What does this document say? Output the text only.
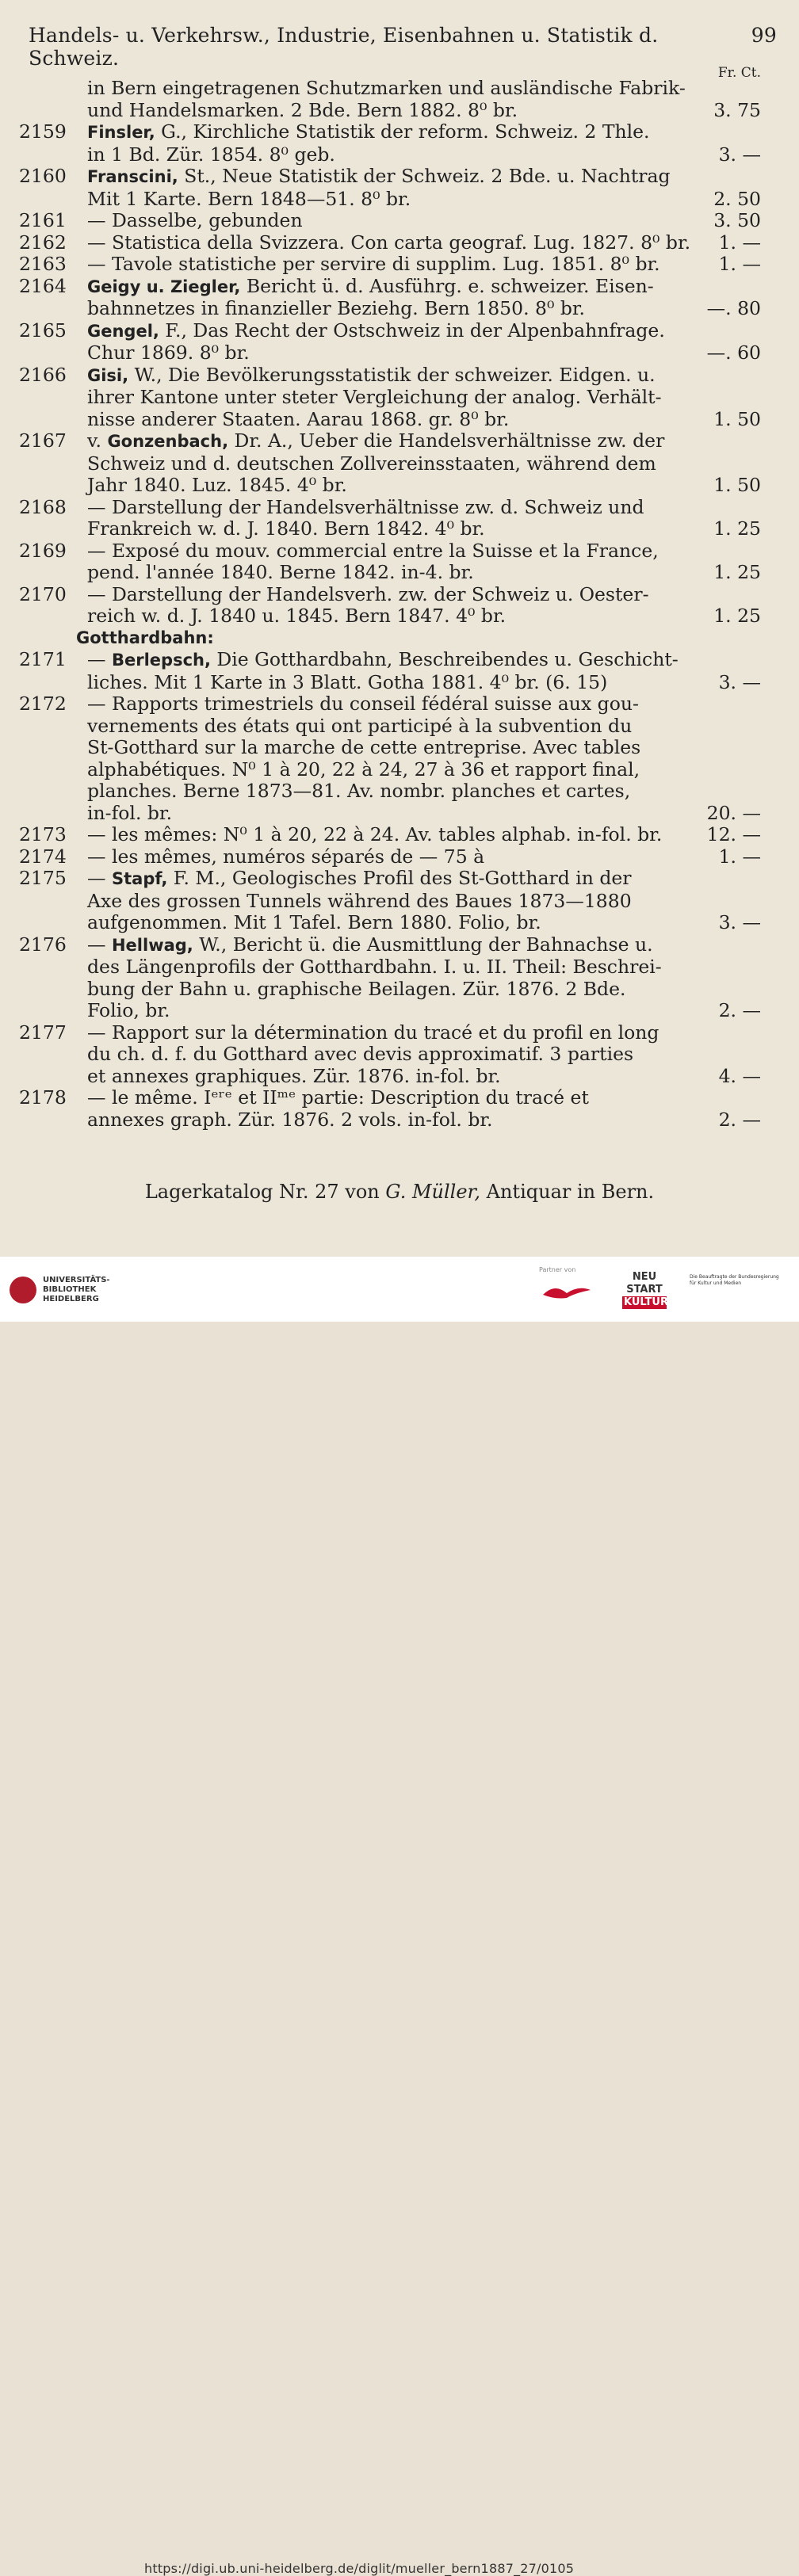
Handels- u. Verkehrsw., Industrie, Eisenbahnen u. Statistik d. Schweiz.
99
Fr. Ct.
in Bern eingetragenen Schutzmarken und ausländische Fabrik-
und Handelsmarken. 2 Bde. Bern 1882. 8⁰ br.	3. 75
2159	Finsler, G., Kirchliche Statistik der reform. Schweiz. 2 Thle.
in 1 Bd. Zür. 1854. 8⁰ geb.	3. —
2160	Franscini, St., Neue Statistik der Schweiz. 2 Bde. u. Nachtrag
Mit 1 Karte. Bern 1848—51. 8⁰ br.	2. 50
2161	— Dasselbe, gebunden	3. 50
2162	— Statistica della Svizzera. Con carta geograf. Lug. 1827. 8⁰ br.	1. —
2163	— Tavole statistiche per servire di supplim. Lug. 1851. 8⁰ br.	1. —
2164	Geigy u. Ziegler, Bericht ü. d. Ausführg. e. schweizer. Eisen-
bahnnetzes in finanzieller Beziehg. Bern 1850. 8⁰ br.	—. 80
2165	Gengel, F., Das Recht der Ostschweiz in der Alpenbahnfrage.
Chur 1869. 8⁰ br.	—. 60
2166	Gisi, W., Die Bevölkerungsstatistik der schweizer. Eidgen. u.
ihrer Kantone unter steter Vergleichung der analog. Verhält-
nisse anderer Staaten. Aarau 1868. gr. 8⁰ br.	1. 50
2167	v. Gonzenbach, Dr. A., Ueber die Handelsverhältnisse zw. der
Schweiz und d. deutschen Zollvereinsstaaten, während dem
Jahr 1840. Luz. 1845. 4⁰ br.	1. 50
2168	— Darstellung der Handelsverhältnisse zw. d. Schweiz und
Frankreich w. d. J. 1840. Bern 1842. 4⁰ br.	1. 25
2169	— Exposé du mouv. commercial entre la Suisse et la France,
pend. l'année 1840. Berne 1842. in-4. br.	1. 25
2170	— Darstellung der Handelsverh. zw. der Schweiz u. Oester-
reich w. d. J. 1840 u. 1845. Bern 1847. 4⁰ br.	1. 25
Gotthardbahn:
2171	— Berlepsch, Die Gotthardbahn, Beschreibendes u. Geschicht-
liches. Mit 1 Karte in 3 Blatt. Gotha 1881. 4⁰ br. (6. 15)	3. —
2172	— Rapports trimestriels du conseil fédéral suisse aux gou-
vernements des états qui ont participé à la subvention du
St-Gotthard sur la marche de cette entreprise. Avec tables
alphabétiques. N⁰ 1 à 20, 22 à 24, 27 à 36 et rapport final,
planches. Berne 1873—81. Av. nombr. planches et cartes,
in-fol. br.	20. —
2173	— les mêmes: N⁰ 1 à 20, 22 à 24. Av. tables alphab. in-fol. br.	12. —
2174	— les mêmes, numéros séparés de — 75 à	1. —
2175	— Stapf, F. M., Geologisches Profil des St-Gotthard in der
Axe des grossen Tunnels während des Baues 1873—1880
aufgenommen. Mit 1 Tafel. Bern 1880. Folio, br.	3. —
2176	— Hellwag, W., Bericht ü. die Ausmittlung der Bahnachse u.
des Längenprofils der Gotthardbahn. I. u. II. Theil: Beschrei-
bung der Bahn u. graphische Beilagen. Zür. 1876. 2 Bde.
Folio, br.	2. —
2177	— Rapport sur la détermination du tracé et du profil en long
du ch. d. f. du Gotthard avec devis approximatif. 3 parties
et annexes graphiques. Zür. 1876. in-fol. br.	4. —
2178	— le même. Iᵉʳᵉ et IIᵐᵉ partie: Description du tracé et
annexes graph. Zür. 1876. 2 vols. in-fol. br.	2. —
Lagerkatalog Nr. 27 von G. Müller, Antiquar in Bern.
UNIVERSITÄTS-
BIBLIOTHEK
HEIDELBERG
Partner von
NEU
START
KULTUR
Die Beauftragte der Bundesregierung für Kultur und Medien
https://digi.ub.uni-heidelberg.de/diglit/mueller_bern1887_27/0105
